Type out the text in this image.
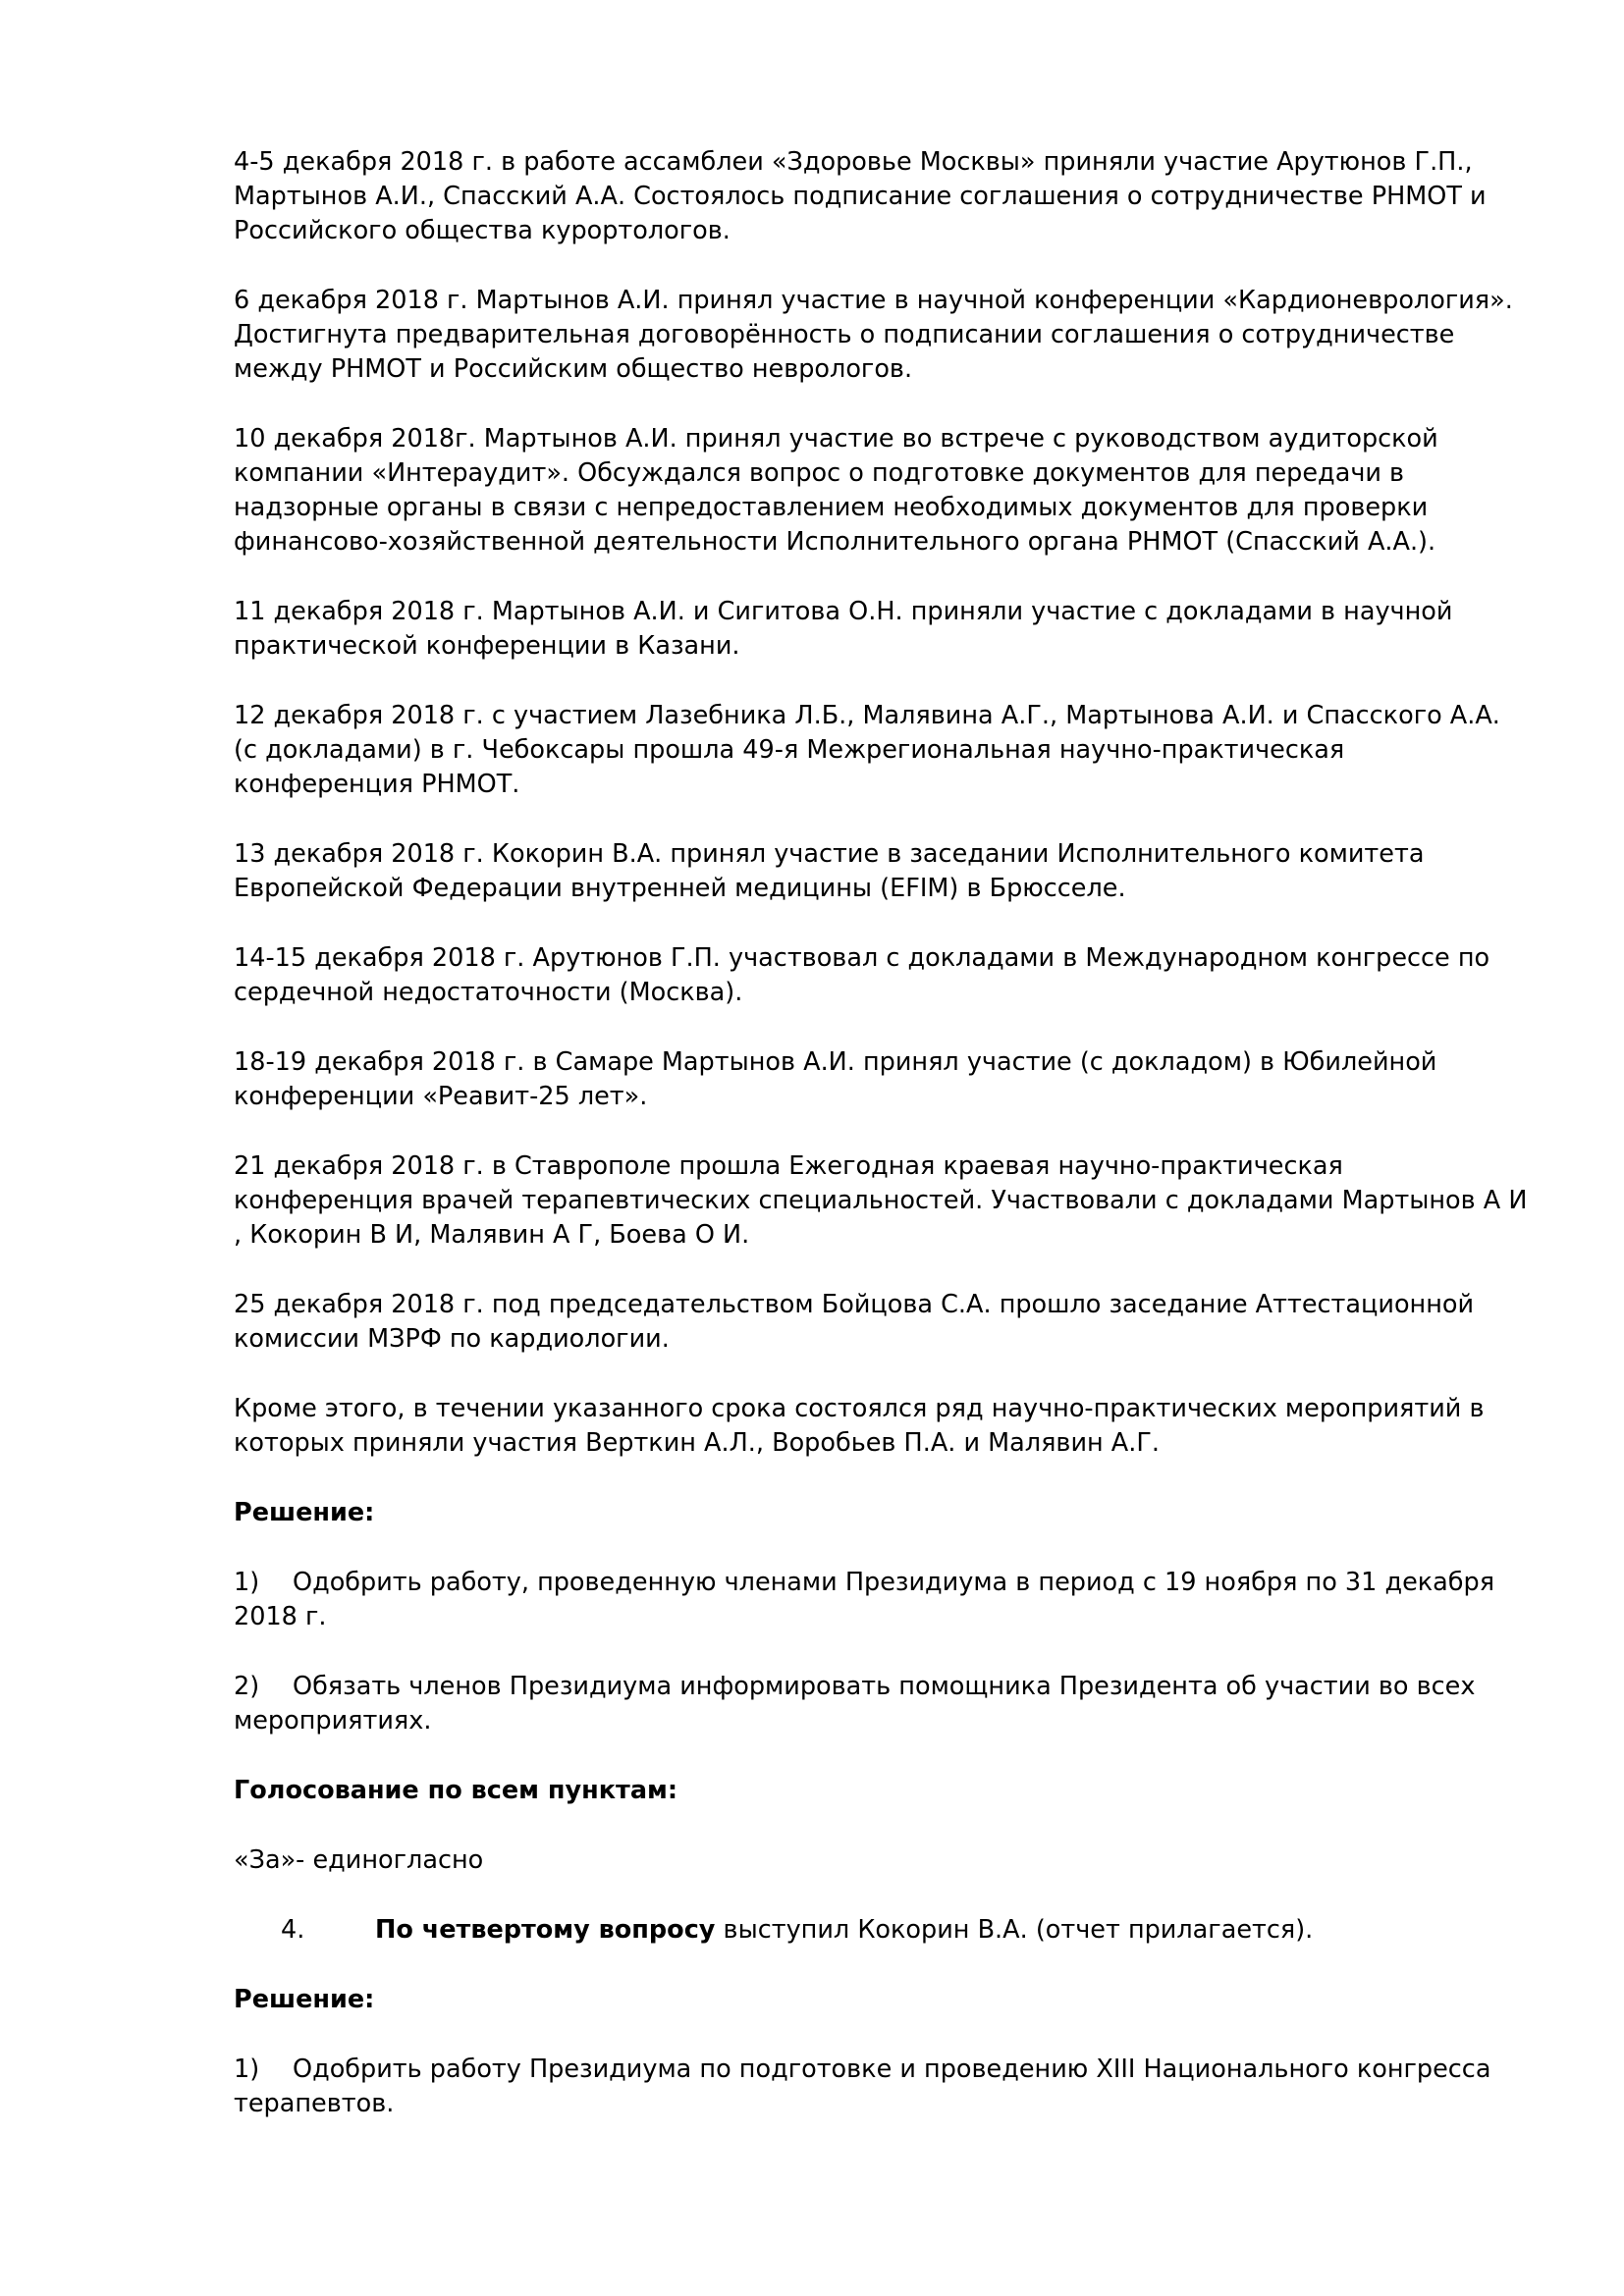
4-5 декабря 2018 г. в работе ассамблеи «Здоровье Москвы» приняли участие Арутюнов Г.П., Мартынов А.И., Спасский А.А. Состоялось подписание соглашения о сотрудничестве РНМОТ и Российского общества курортологов.

6 декабря 2018 г. Мартынов А.И. принял участие в научной конференции «Кардионеврология». Достигнута предварительная договорённость о подписании соглашения о сотрудничестве между РНМОТ и Российским общество неврологов.

10 декабря 2018г. Мартынов А.И. принял участие во встрече с руководством аудиторской компании «Интераудит». Обсуждался вопрос о подготовке документов для передачи в надзорные органы в связи с непредоставлением необходимых документов для проверки финансово-хозяйственной деятельности Исполнительного органа РНМОТ (Спасский А.А.).

11 декабря 2018 г. Мартынов А.И. и Сигитова О.Н. приняли участие с докладами в научной практической конференции в Казани.

12 декабря 2018 г. с участием Лазебника Л.Б., Малявина А.Г., Мартынова А.И. и Спасского А.А. (с докладами) в г. Чебоксары прошла 49-я Межрегиональная научно-практическая конференция РНМОТ.

13 декабря 2018 г. Кокорин В.А. принял участие в заседании Исполнительного комитета Европейской Федерации внутренней медицины (EFIM) в Брюсселе.

14-15 декабря 2018 г. Арутюнов Г.П. участвовал с докладами в Международном конгрессе по сердечной недостаточности (Москва).

18-19 декабря 2018 г. в Самаре Мартынов А.И. принял участие (с докладом) в Юбилейной конференции «Реавит-25 лет».

21 декабря 2018 г. в Ставрополе прошла Ежегодная краевая научно-практическая конференция врачей терапевтических специальностей. Участвовали с докладами Мартынов А И , Кокорин В И, Малявин А Г, Боева О И.

25 декабря 2018 г. под председательством Бойцова С.А. прошло заседание Аттестационной комиссии МЗРФ по кардиологии.

Кроме этого, в течении указанного срока состоялся ряд научно-практических мероприятий в которых приняли участия Верткин А.Л., Воробьев П.А. и Малявин А.Г.

Решение:

1) Одобрить работу, проведенную членами Президиума в период с 19 ноября по 31 декабря 2018 г.

2) Обязать членов Президиума информировать помощника Президента об участии во всех мероприятиях.

Голосование по всем пунктам:

«За»- единогласно

4.	По четвертому вопросу выступил Кокорин В.А. (отчет прилагается).

Решение:

1) Одобрить работу Президиума по подготовке и проведению XIII Национального конгресса терапевтов.
